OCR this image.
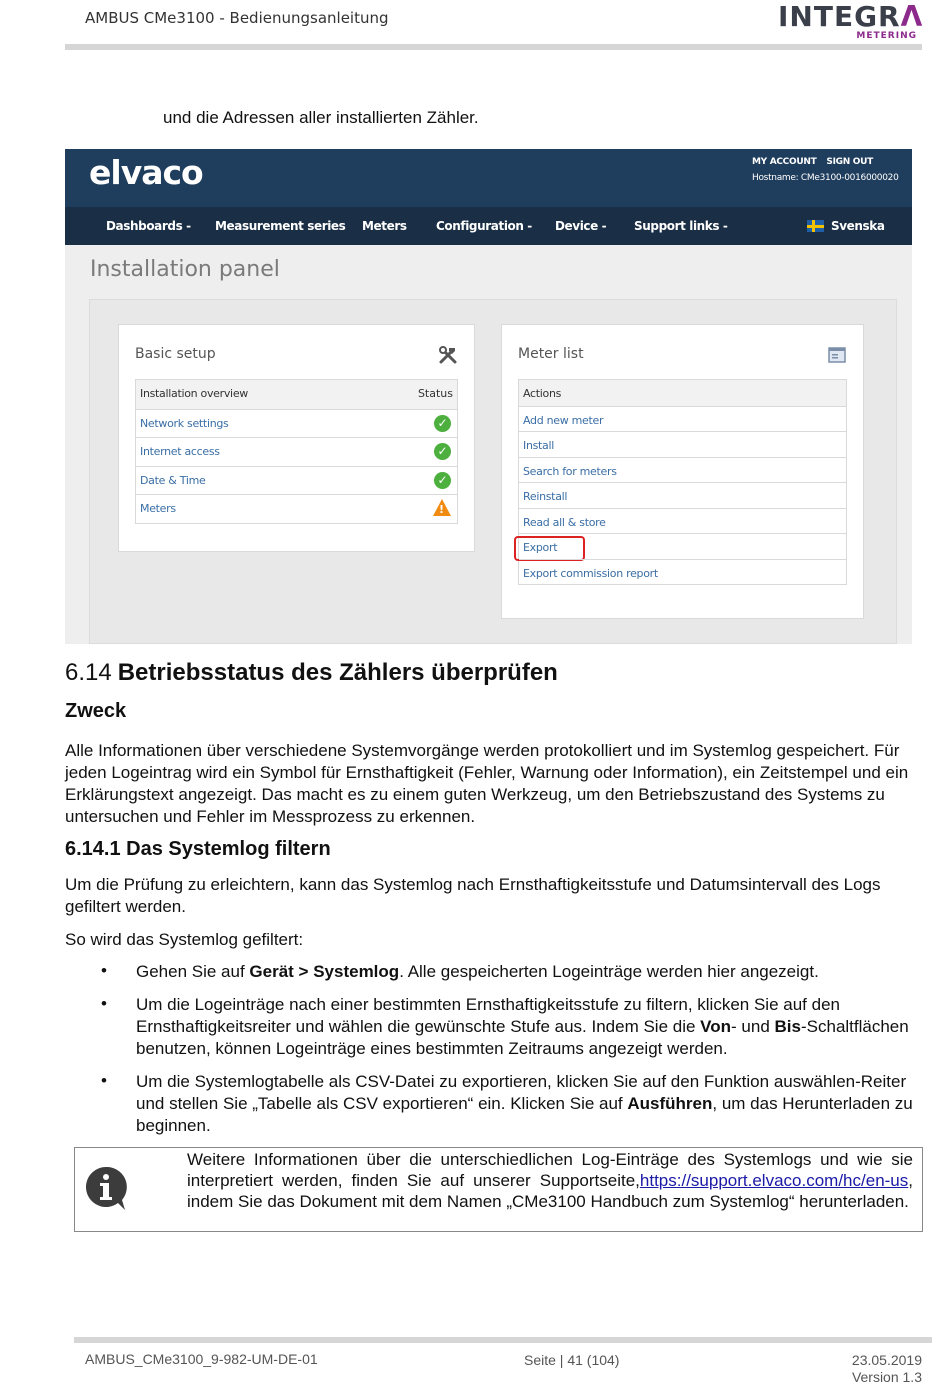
AMBUS CMe3100 - Bedienungsanleitung	INTEGRΛ
METERING
und die Adressen aller installierten Zähler.
elvaco	MY ACCOUNT SIGN OUT
Hostname: CMe3100-0016000020
Dashboards - Measurement series Meters Configuration - Device - Support links -	Svenska
Installation panel
Basic setup
Installation overview	Status
Network settings	✓
Internet access	✓
Date & Time	✓
Meters	!
Meter list
Actions
Add new meter
Install
Search for meters
Reinstall
Read all & store
Export
Export commission report
6.14 Betriebsstatus des Zählers überprüfen
Zweck
Alle Informationen über verschiedene Systemvorgänge werden protokolliert und im Systemlog gespeichert. Für jeden Logeintrag wird ein Symbol für Ernsthaftigkeit (Fehler, Warnung oder Information), ein Zeitstempel und ein Erklärungstext angezeigt. Das macht es zu einem guten Werkzeug, um den Betriebszustand des Systems zu untersuchen und Fehler im Messprozess zu erkennen.
6.14.1 Das Systemlog filtern
Um die Prüfung zu erleichtern, kann das Systemlog nach Ernsthaftigkeitsstufe und Datumsintervall des Logs gefiltert werden.
So wird das Systemlog gefiltert:
• Gehen Sie auf Gerät > Systemlog. Alle gespeicherten Logeinträge werden hier angezeigt.
• Um die Logeinträge nach einer bestimmten Ernsthaftigkeitsstufe zu filtern, klicken Sie auf den Ernsthaftigkeitsreiter und wählen die gewünschte Stufe aus. Indem Sie die Von- und Bis-Schaltflächen benutzen, können Logeinträge eines bestimmten Zeitraums angezeigt werden.
• Um die Systemlogtabelle als CSV-Datei zu exportieren, klicken Sie auf den Funktion auswählen-Reiter und stellen Sie „Tabelle als CSV exportieren“ ein. Klicken Sie auf Ausführen, um das Herunterladen zu beginnen.
Weitere Informationen über die unterschiedlichen Log-Einträge des Systemlogs und wie sie interpretiert werden, finden Sie auf unserer Supportseite,https://support.elvaco.com/hc/en-us, indem Sie das Dokument mit dem Namen „CMe3100 Handbuch zum Systemlog“ herunterladen.
AMBUS_CMe3100_9-982-UM-DE-01	Seite | 41 (104)	23.05.2019
Version 1.3
